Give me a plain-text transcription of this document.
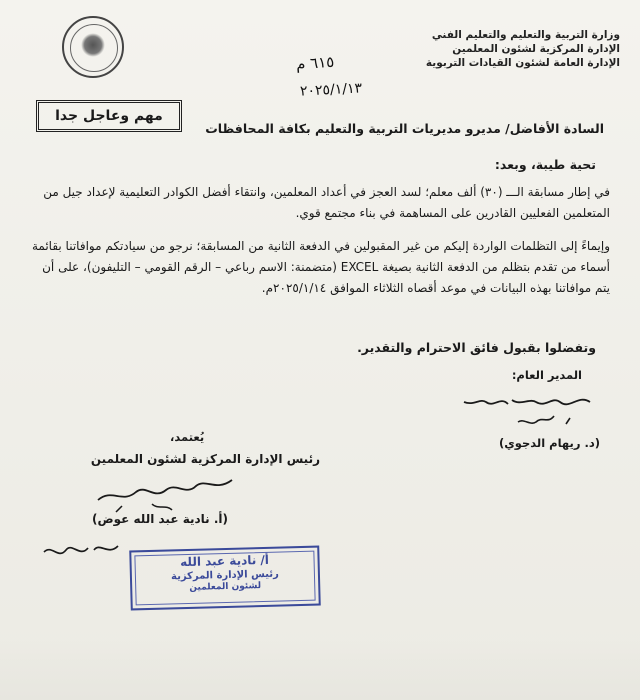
وزارة التربية والتعليم والتعليم الفني
الإدارة المركزية لشئون المعلمين
الإدارة العامة لشئون القيادات التربوية
٦١٥ م
٢٠٢٥/١/١٣
مهم وعاجل جدا
السادة الأفاضل/ مديرو مديريات التربية والتعليم بكافة المحافظات
تحية طيبة، وبعد:
في إطار مسابقة الـــ (٣٠) ألف معلم؛ لسد العجز في أعداد المعلمين، وانتقاء أفضل الكوادر التعليمية لإعداد جيل من المتعلمين الفعليين القادرين على المساهمة في بناء مجتمع قوي.
وإيماءً إلى التظلمات الواردة إليكم من غير المقبولين في الدفعة الثانية من المسابقة؛ نرجو من سيادتكم موافاتنا بقائمة أسماء من تقدم بتظلم من الدفعة الثانية بصيغة EXCEL (متضمنة: الاسم رباعي – الرقم القومي – التليفون)، على أن يتم موافاتنا بهذه البيانات في موعد أقصاه الثلاثاء الموافق ٢٠٢٥/١/١٤م.
وتفضلوا بقبول فائق الاحترام والتقدير.
المدير العام:
(د. ريهام الدجوي)
يُعتمد،
رئيس الإدارة المركزية لشئون المعلمين
(أ. نادية عبد الله عوض)
أ/ نادية عبد الله
رئيس الإدارة المركزية
لشئون المعلمين
